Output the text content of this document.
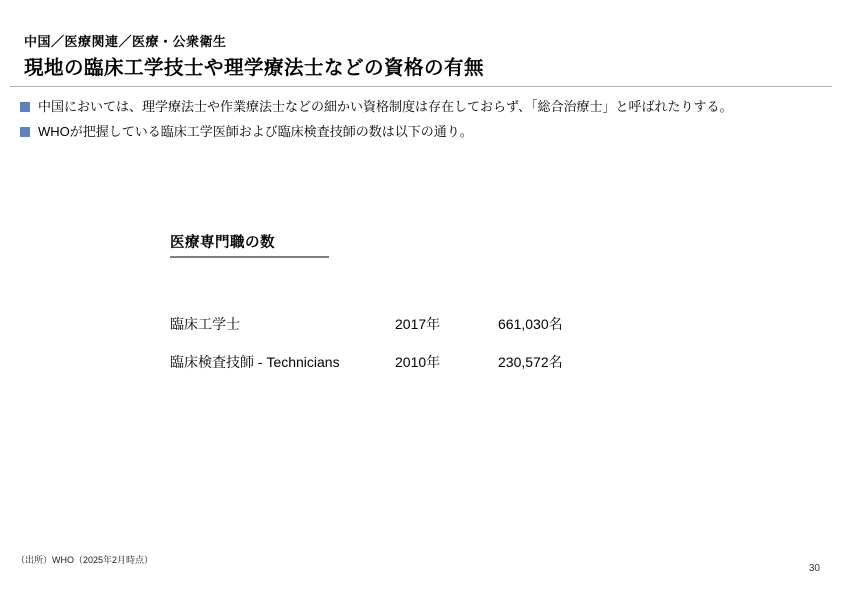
中国／医療関連／医療・公衆衛生
現地の臨床工学技士や理学療法士などの資格の有無
中国においては、理学療法士や作業療法士などの細かい資格制度は存在しておらず、「総合治療士」と呼ばれたりする。
WHOが把握している臨床工学医師および臨床検査技師の数は以下の通り。
医療専門職の数
臨床工学士	2017年	661,030名
臨床検査技師 - Technicians	2010年	230,572名
（出所）WHO（2025年2月時点）
30
